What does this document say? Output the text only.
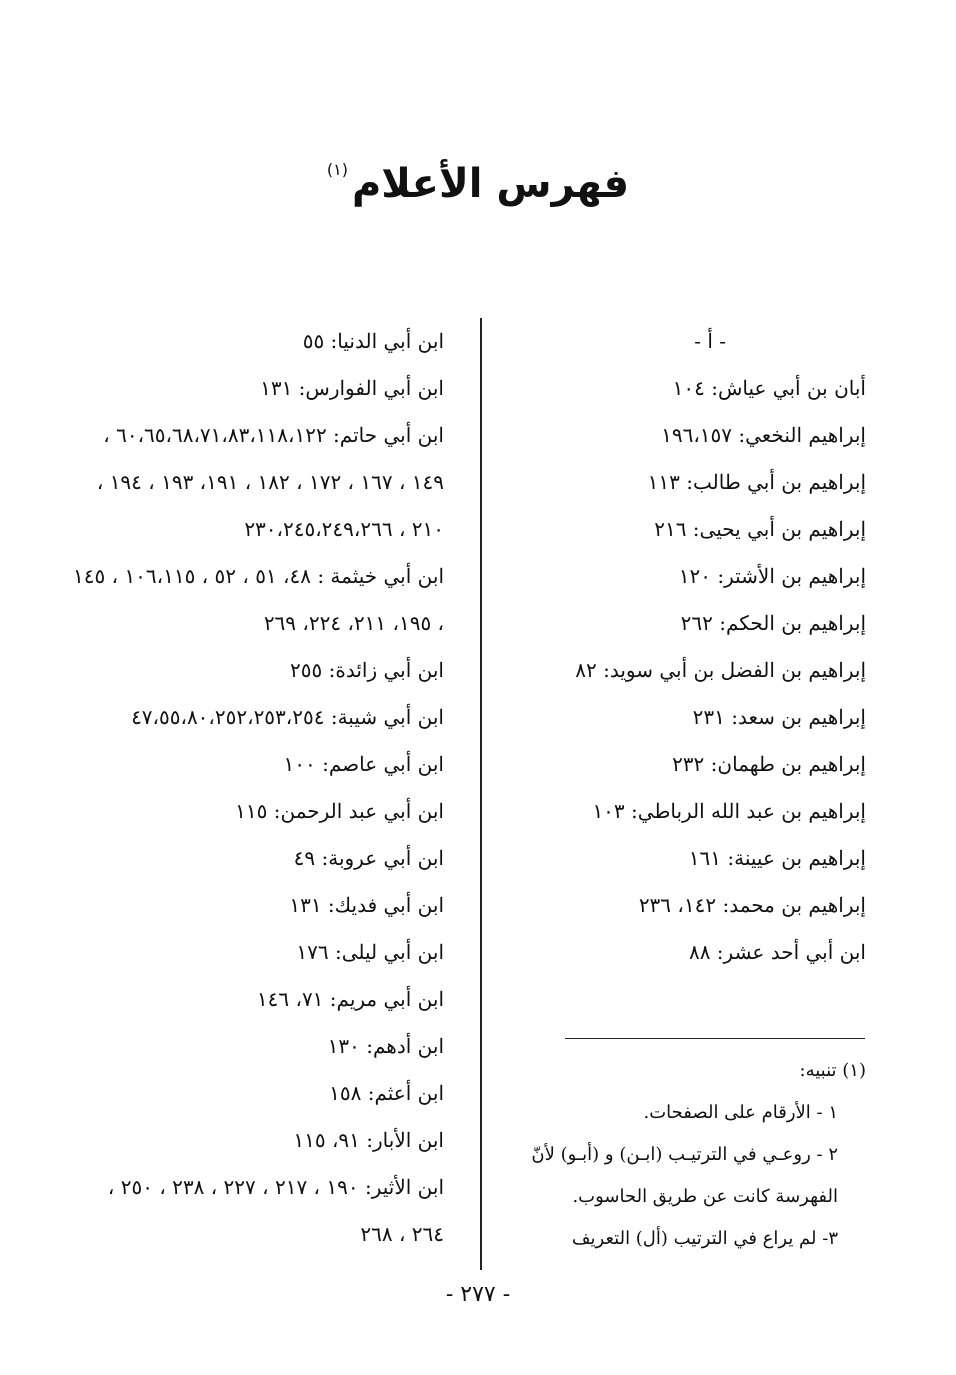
فهرس الأعلام$^{(١)}$
- أ -
أبان بن أبي عياش: ١٠٤
إبراهيم النخعي: ١٩٦،١٥٧
إبراهيم بن أبي طالب: ١١٣
إبراهيم بن أبي يحيى: ٢١٦
إبراهيم بن الأشتر: ١٢٠
إبراهيم بن الحكم: ٢٦٢
إبراهيم بن الفضل بن أبي سويد: ٨٢
إبراهيم بن سعد: ٢٣١
إبراهيم بن طهمان: ٢٣٢
إبراهيم بن عبد الله الرباطي: ١٠٣
إبراهيم بن عيينة: ١٦١
إبراهيم بن محمد: ١٤٢، ٢٣٦
ابن أبي أحد عشر: ٨٨
ابن أبي الدنيا: ٥٥
ابن أبي الفوارس: ١٣١
ابن أبي حاتم: ٦٠،٦٥،٦٨،٧١،٨٣،١١٨،١٢٢ ،
١٤٩ ، ١٦٧ ، ١٧٢ ، ١٨٢ ، ١٩١، ١٩٣ ، ١٩٤ ،
٢١٠ ، ٢٣٠،٢٤٥،٢٤٩،٢٦٦
ابن أبي خيثمة : ٤٨، ٥١ ، ٥٢ ، ١٠٦،١١٥ ، ١٤٥
، ١٩٥، ٢١١، ٢٢٤، ٢٦٩
ابن أبي زائدة: ٢٥٥
ابن أبي شيبة: ٤٧،٥٥،٨٠،٢٥٢،٢٥٣،٢٥٤
ابن أبي عاصم: ١٠٠
ابن أبي عبد الرحمن: ١١٥
ابن أبي عروبة: ٤٩
ابن أبي فديك: ١٣١
ابن أبي ليلى: ١٧٦
ابن أبي مريم: ٧١، ١٤٦
ابن أدهم: ١٣٠
ابن أعثم: ١٥٨
ابن الأبار: ٩١، ١١٥
ابن الأثير: ١٩٠ ، ٢١٧ ، ٢٢٧ ، ٢٣٨ ، ٢٥٠ ،
٢٦٤ ، ٢٦٨
(١) تنبيه:
١ - الأرقام على الصفحات.
٢ - روعـي في الترتيـب (ابـن) و (أبـو) لأنّ
الفهرسة كانت عن طريق الحاسوب.
٣- لم يراع في الترتيب (أل) التعريف
- ٢٧٧ -
